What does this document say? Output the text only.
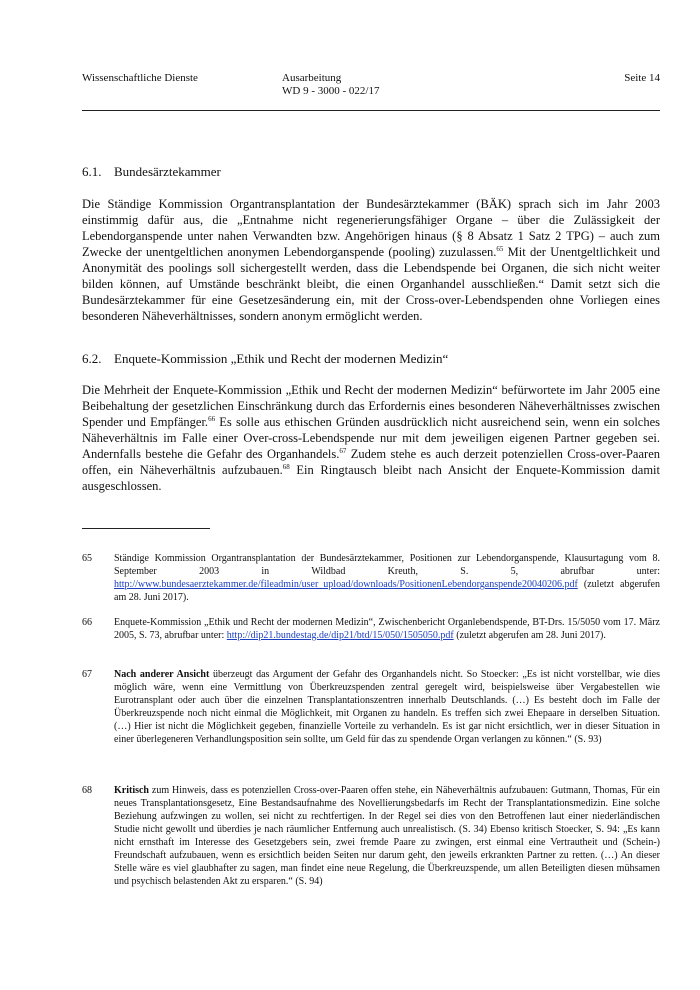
Wissenschaftliche Dienste	Ausarbeitung
WD 9 - 3000 - 022/17
Seite 14
6.1. Bundesärztekammer

Die Ständige Kommission Organtransplantation der Bundesärztekammer (BÄK) sprach sich im Jahr 2003 einstimmig dafür aus, die „Entnahme nicht regenerierungsfähiger Organe – über die Zulässigkeit der Lebendorganspende unter nahen Verwandten bzw. Angehörigen hinaus (§ 8 Absatz 1 Satz 2 TPG) – auch zum Zwecke der unentgeltlichen anonymen Lebendorganspende (pooling) zuzulassen.$^{65}$ Mit der Unentgeltlichkeit und Anonymität des poolings soll sichergestellt werden, dass die Lebendspende bei Organen, die sich nicht weiter bilden können, auf Umstände beschränkt bleibt, die einen Organhandel ausschließen.“ Damit setzt sich die Bundesärztekammer für eine Gesetzesänderung ein, mit der Cross-over-Lebendspenden ohne Vorliegen eines besonderen Näheverhältnisses, sondern anonym ermöglicht werden.

6.2. Enquete-Kommission „Ethik und Recht der modernen Medizin“

Die Mehrheit der Enquete-Kommission „Ethik und Recht der modernen Medizin“ befürwortete im Jahr 2005 eine Beibehaltung der gesetzlichen Einschränkung durch das Erfordernis eines besonderen Näheverhältnisses zwischen Spender und Empfänger.$^{66}$ Es solle aus ethischen Gründen ausdrücklich nicht ausreichend sein, wenn ein solches Näheverhältnis im Falle einer Over-cross-Lebendspende nur mit dem jeweiligen eigenen Partner gegeben sei. Andernfalls bestehe die Gefahr des Organhandels.$^{67}$ Zudem stehe es auch derzeit potenziellen Cross-over-Paaren offen, ein Näheverhältnis aufzubauen.$^{68}$ Ein Ringtausch bleibt nach Ansicht der Enquete-Kommission damit ausgeschlossen.

65	Ständige Kommission Organtransplantation der Bundesärztekammer, Positionen zur Lebendorganspende, Klausurtagung vom 8. September 2003 in Wildbad Kreuth, S. 5, abrufbar unter: http://www.bundesaerztekammer.de/fileadmin/user_upload/downloads/PositionenLebendorganspende20040206.pdf (zuletzt abgerufen am 28. Juni 2017).
66	Enquete-Kommission „Ethik und Recht der modernen Medizin“, Zwischenbericht Organlebendspende, BT-Drs. 15/5050 vom 17. März 2005, S. 73, abrufbar unter: http://dip21.bundestag.de/dip21/btd/15/050/1505050.pdf (zuletzt abgerufen am 28. Juni 2017).
67	Nach anderer Ansicht überzeugt das Argument der Gefahr des Organhandels nicht. So Stoecker: „Es ist nicht vorstellbar, wie dies möglich wäre, wenn eine Vermittlung von Überkreuzspenden zentral geregelt wird, beispielsweise über Vergabestellen wie Eurotransplant oder auch über die einzelnen Transplantationszentren innerhalb Deutschlands. (…) Es besteht doch im Falle der Überkreuzspende noch nicht einmal die Möglichkeit, mit Organen zu handeln. Es treffen sich zwei Ehepaare in derselben Situation. (…) Hier ist nicht die Möglichkeit gegeben, finanzielle Vorteile zu verhandeln. Es ist gar nicht ersichtlich, wer in dieser Situation in einer überlegeneren Verhandlungsposition sein sollte, um Geld für das zu spendende Organ verlangen zu können.“ (S. 93)
68	Kritisch zum Hinweis, dass es potenziellen Cross-over-Paaren offen stehe, ein Näheverhältnis aufzubauen: Gutmann, Thomas, Für ein neues Transplantationsgesetz, Eine Bestandsaufnahme des Novellierungsbedarfs im Recht der Transplantationsmedizin. Eine solche Beziehung aufzwingen zu wollen, sei nicht zu rechtfertigen. In der Regel sei dies von den Betroffenen laut einer niederländischen Studie nicht gewollt und überdies je nach räumlicher Entfernung auch unrealistisch. (S. 34) Ebenso kritisch Stoecker, S. 94: „Es kann nicht ernsthaft im Interesse des Gesetzgebers sein, zwei fremde Paare zu zwingen, erst einmal eine Vertrautheit und (Schein-) Freundschaft aufzubauen, wenn es ersichtlich beiden Seiten nur darum geht, den jeweils erkrankten Partner zu retten. (…) An dieser Stelle wäre es viel glaubhafter zu sagen, man findet eine neue Regelung, die Überkreuzspende, um allen Beteiligten diesen mühsamen und psychisch belastenden Akt zu ersparen.“ (S. 94)
